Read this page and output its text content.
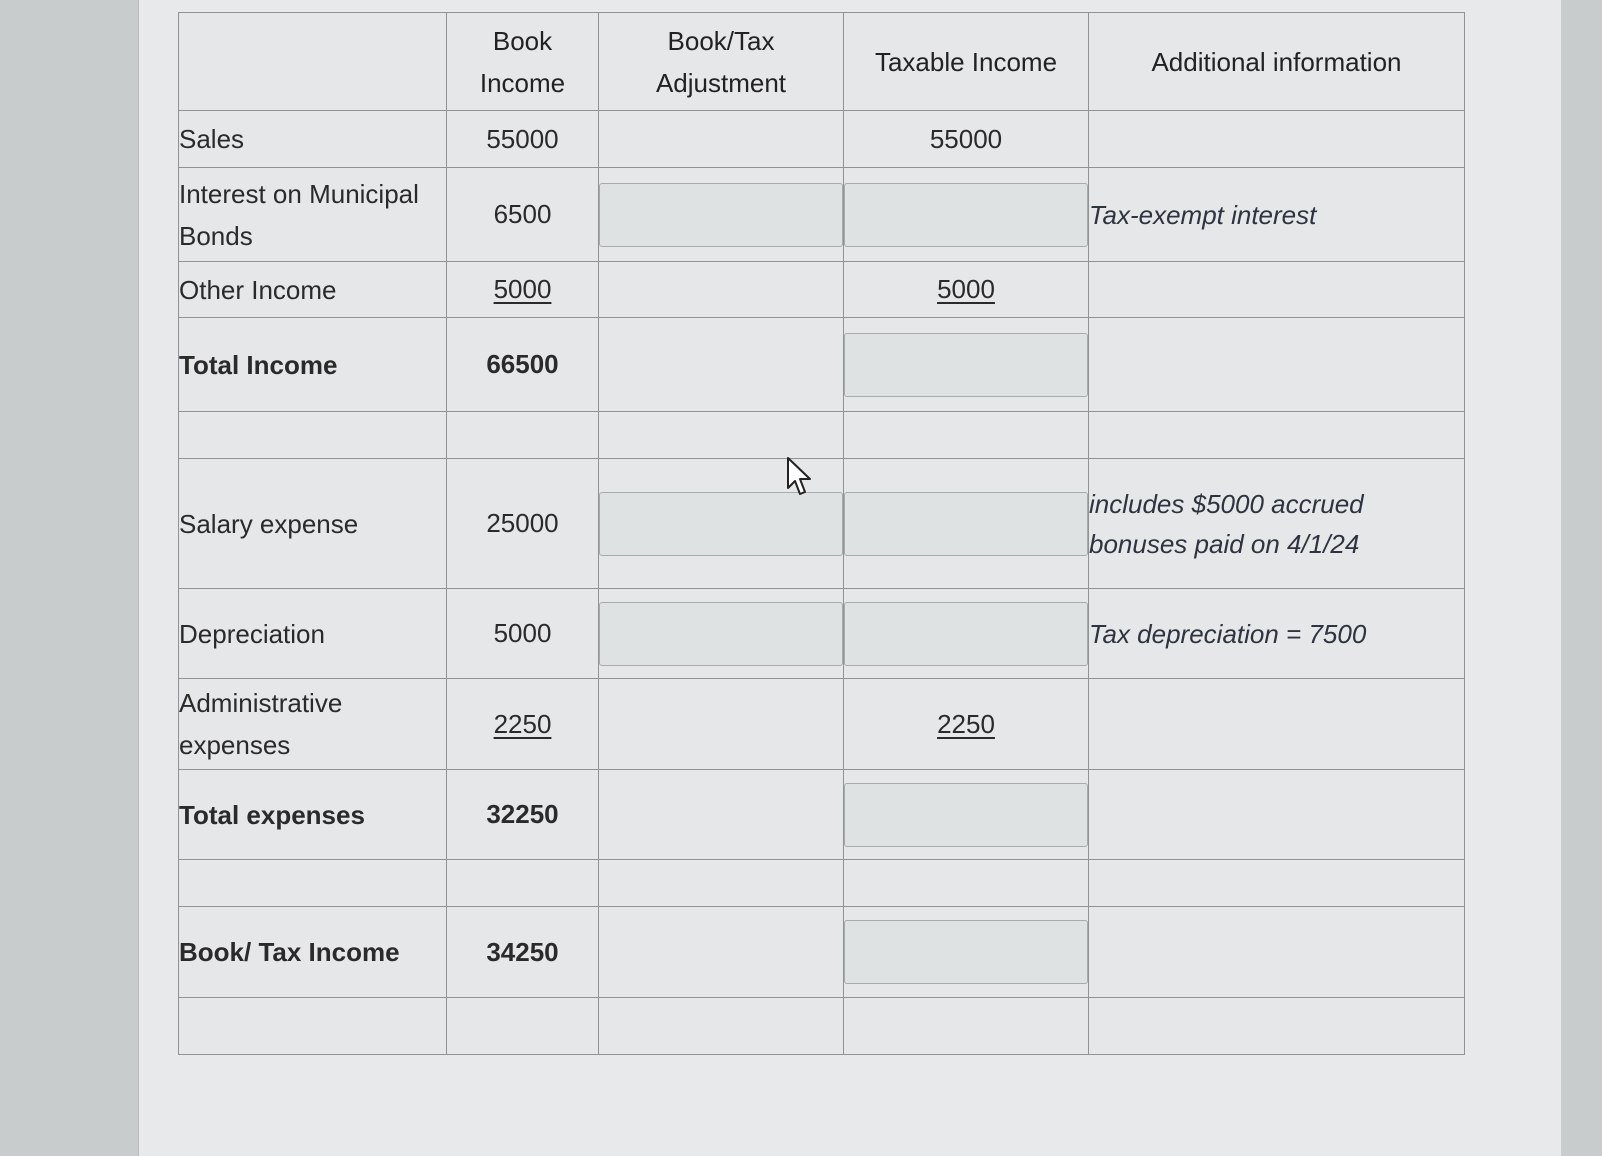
	Book Income	Book/Tax Adjustment	Taxable Income	Additional information
Sales	55000		55000	
Interest on Municipal Bonds	6500			Tax-exempt interest
Other Income	5000		5000	
Total Income	66500		

Salary expense	25000			includes $5000 accrued bonuses paid on 4/1/24
Depreciation	5000			Tax depreciation = 7500
Administrative expenses	2250		2250	
Total expenses	32250		

Book/ Tax Income	34250		
